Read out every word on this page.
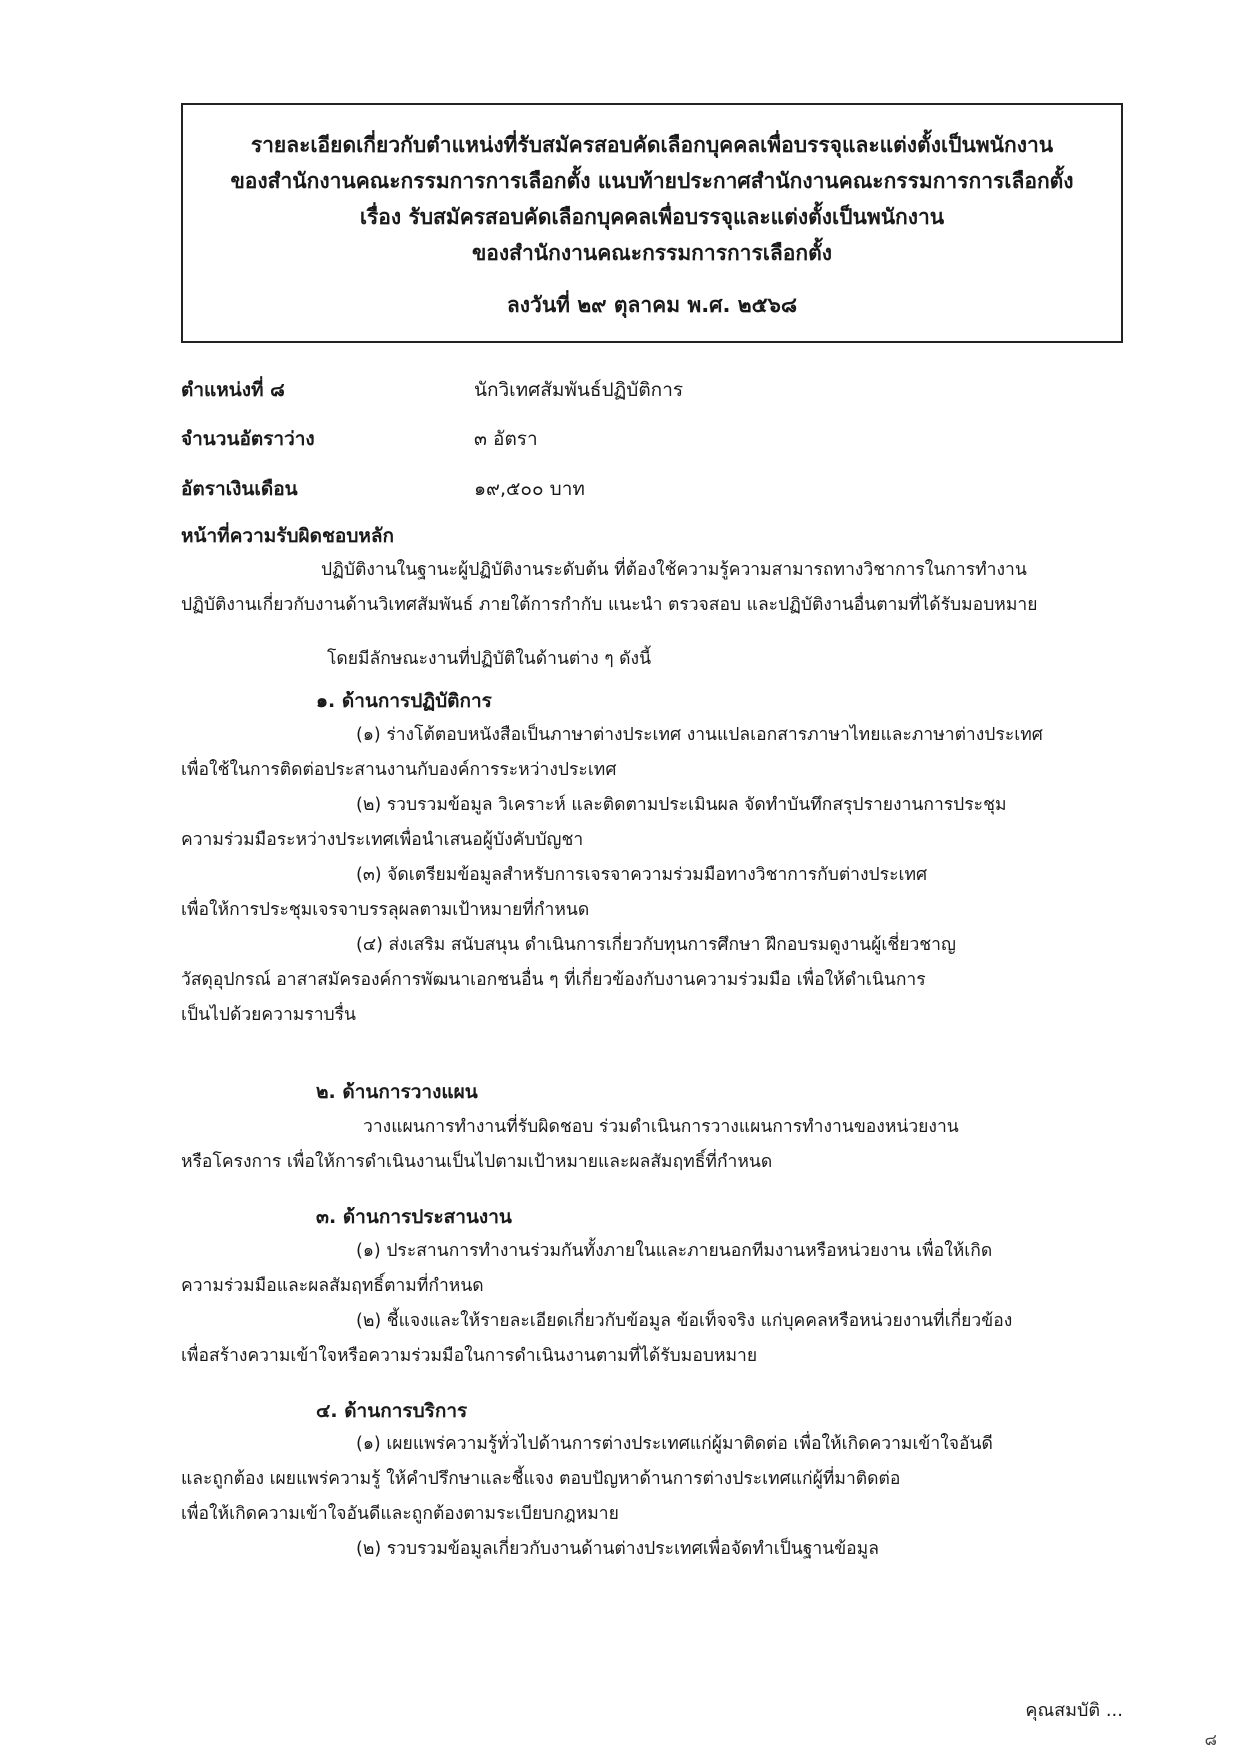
รายละเอียดเกี่ยวกับตำแหน่งที่รับสมัครสอบคัดเลือกบุคคลเพื่อบรรจุและแต่งตั้งเป็นพนักงาน
ของสำนักงานคณะกรรมการการเลือกตั้ง แนบท้ายประกาศสำนักงานคณะกรรมการการเลือกตั้ง
เรื่อง รับสมัครสอบคัดเลือกบุคคลเพื่อบรรจุและแต่งตั้งเป็นพนักงาน
ของสำนักงานคณะกรรมการการเลือกตั้ง
ลงวันที่ ๒๙ ตุลาคม พ.ศ. ๒๕๖๘
ตำแหน่งที่ ๘	นักวิเทศสัมพันธ์ปฏิบัติการ
จำนวนอัตราว่าง	๓ อัตรา
อัตราเงินเดือน	๑๙,๕๐๐ บาท
หน้าที่ความรับผิดชอบหลัก
ปฏิบัติงานในฐานะผู้ปฏิบัติงานระดับต้น ที่ต้องใช้ความรู้ความสามารถทางวิชาการในการทำงาน
ปฏิบัติงานเกี่ยวกับงานด้านวิเทศสัมพันธ์ ภายใต้การกำกับ แนะนำ ตรวจสอบ และปฏิบัติงานอื่นตามที่ได้รับมอบหมาย
โดยมีลักษณะงานที่ปฏิบัติในด้านต่าง ๆ ดังนี้
๑. ด้านการปฏิบัติการ
(๑) ร่างโต้ตอบหนังสือเป็นภาษาต่างประเทศ งานแปลเอกสารภาษาไทยและภาษาต่างประเทศ
เพื่อใช้ในการติดต่อประสานงานกับองค์การระหว่างประเทศ
(๒) รวบรวมข้อมูล วิเคราะห์ และติดตามประเมินผล จัดทำบันทึกสรุปรายงานการประชุม
ความร่วมมือระหว่างประเทศเพื่อนำเสนอผู้บังคับบัญชา
(๓) จัดเตรียมข้อมูลสำหรับการเจรจาความร่วมมือทางวิชาการกับต่างประเทศ
เพื่อให้การประชุมเจรจาบรรลุผลตามเป้าหมายที่กำหนด
(๔) ส่งเสริม สนับสนุน ดำเนินการเกี่ยวกับทุนการศึกษา ฝึกอบรมดูงานผู้เชี่ยวชาญ
วัสดุอุปกรณ์ อาสาสมัครองค์การพัฒนาเอกชนอื่น ๆ ที่เกี่ยวข้องกับงานความร่วมมือ เพื่อให้ดำเนินการ
เป็นไปด้วยความราบรื่น
๒. ด้านการวางแผน
วางแผนการทำงานที่รับผิดชอบ ร่วมดำเนินการวางแผนการทำงานของหน่วยงาน
หรือโครงการ เพื่อให้การดำเนินงานเป็นไปตามเป้าหมายและผลสัมฤทธิ์ที่กำหนด
๓. ด้านการประสานงาน
(๑) ประสานการทำงานร่วมกันทั้งภายในและภายนอกทีมงานหรือหน่วยงาน เพื่อให้เกิด
ความร่วมมือและผลสัมฤทธิ์ตามที่กำหนด
(๒) ชี้แจงและให้รายละเอียดเกี่ยวกับข้อมูล ข้อเท็จจริง แก่บุคคลหรือหน่วยงานที่เกี่ยวข้อง
เพื่อสร้างความเข้าใจหรือความร่วมมือในการดำเนินงานตามที่ได้รับมอบหมาย
๔. ด้านการบริการ
(๑) เผยแพร่ความรู้ทั่วไปด้านการต่างประเทศแก่ผู้มาติดต่อ เพื่อให้เกิดความเข้าใจอันดี
และถูกต้อง เผยแพร่ความรู้ ให้คำปรึกษาและชี้แจง ตอบปัญหาด้านการต่างประเทศแก่ผู้ที่มาติดต่อ
เพื่อให้เกิดความเข้าใจอันดีและถูกต้องตามระเบียบกฎหมาย
(๒) รวบรวมข้อมูลเกี่ยวกับงานด้านต่างประเทศเพื่อจัดทำเป็นฐานข้อมูล
คุณสมบัติ ...
๘
